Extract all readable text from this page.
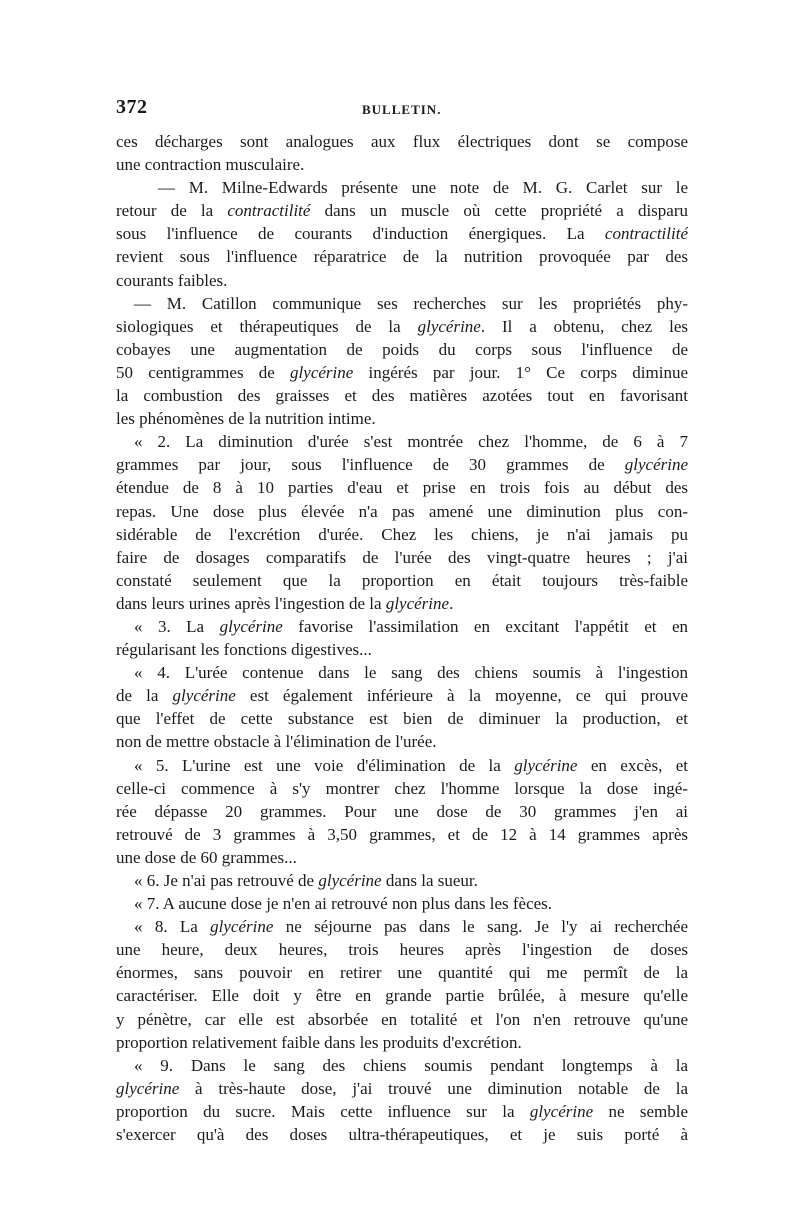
372	BULLETIN.
ces décharges sont analogues aux flux électriques dont se compose
une contraction musculaire.
— M. Milne-Edwards présente une note de M. G. Carlet sur le
retour de la contractilité dans un muscle où cette propriété a disparu
sous l'influence de courants d'induction énergiques. La contractilité
revient sous l'influence réparatrice de la nutrition provoquée par des
courants faibles.
— M. Catillon communique ses recherches sur les propriétés phy-
siologiques et thérapeutiques de la glycérine. Il a obtenu, chez les
cobayes une augmentation de poids du corps sous l'influence de
50 centigrammes de glycérine ingérés par jour. 1° Ce corps diminue
la combustion des graisses et des matières azotées tout en favorisant
les phénomènes de la nutrition intime.
« 2. La diminution d'urée s'est montrée chez l'homme, de 6 à 7
grammes par jour, sous l'influence de 30 grammes de glycérine
étendue de 8 à 10 parties d'eau et prise en trois fois au début des
repas. Une dose plus élevée n'a pas amené une diminution plus con-
sidérable de l'excrétion d'urée. Chez les chiens, je n'ai jamais pu
faire de dosages comparatifs de l'urée des vingt-quatre heures ; j'ai
constaté seulement que la proportion en était toujours très-faible
dans leurs urines après l'ingestion de la glycérine.
« 3. La glycérine favorise l'assimilation en excitant l'appétit et en
régularisant les fonctions digestives...
« 4. L'urée contenue dans le sang des chiens soumis à l'ingestion
de la glycérine est également inférieure à la moyenne, ce qui prouve
que l'effet de cette substance est bien de diminuer la production, et
non de mettre obstacle à l'élimination de l'urée.
« 5. L'urine est une voie d'élimination de la glycérine en excès, et
celle-ci commence à s'y montrer chez l'homme lorsque la dose ingé-
rée dépasse 20 grammes. Pour une dose de 30 grammes j'en ai
retrouvé de 3 grammes à 3,50 grammes, et de 12 à 14 grammes après
une dose de 60 grammes...
« 6. Je n'ai pas retrouvé de glycérine dans la sueur.
« 7. A aucune dose je n'en ai retrouvé non plus dans les fèces.
« 8. La glycérine ne séjourne pas dans le sang. Je l'y ai recherchée
une heure, deux heures, trois heures après l'ingestion de doses
énormes, sans pouvoir en retirer une quantité qui me permît de la
caractériser. Elle doit y être en grande partie brûlée, à mesure qu'elle
y pénètre, car elle est absorbée en totalité et l'on n'en retrouve qu'une
proportion relativement faible dans les produits d'excrétion.
« 9. Dans le sang des chiens soumis pendant longtemps à la
glycérine à très-haute dose, j'ai trouvé une diminution notable de la
proportion du sucre. Mais cette influence sur la glycérine ne semble
s'exercer qu'à des doses ultra-thérapeutiques, et je suis porté à
